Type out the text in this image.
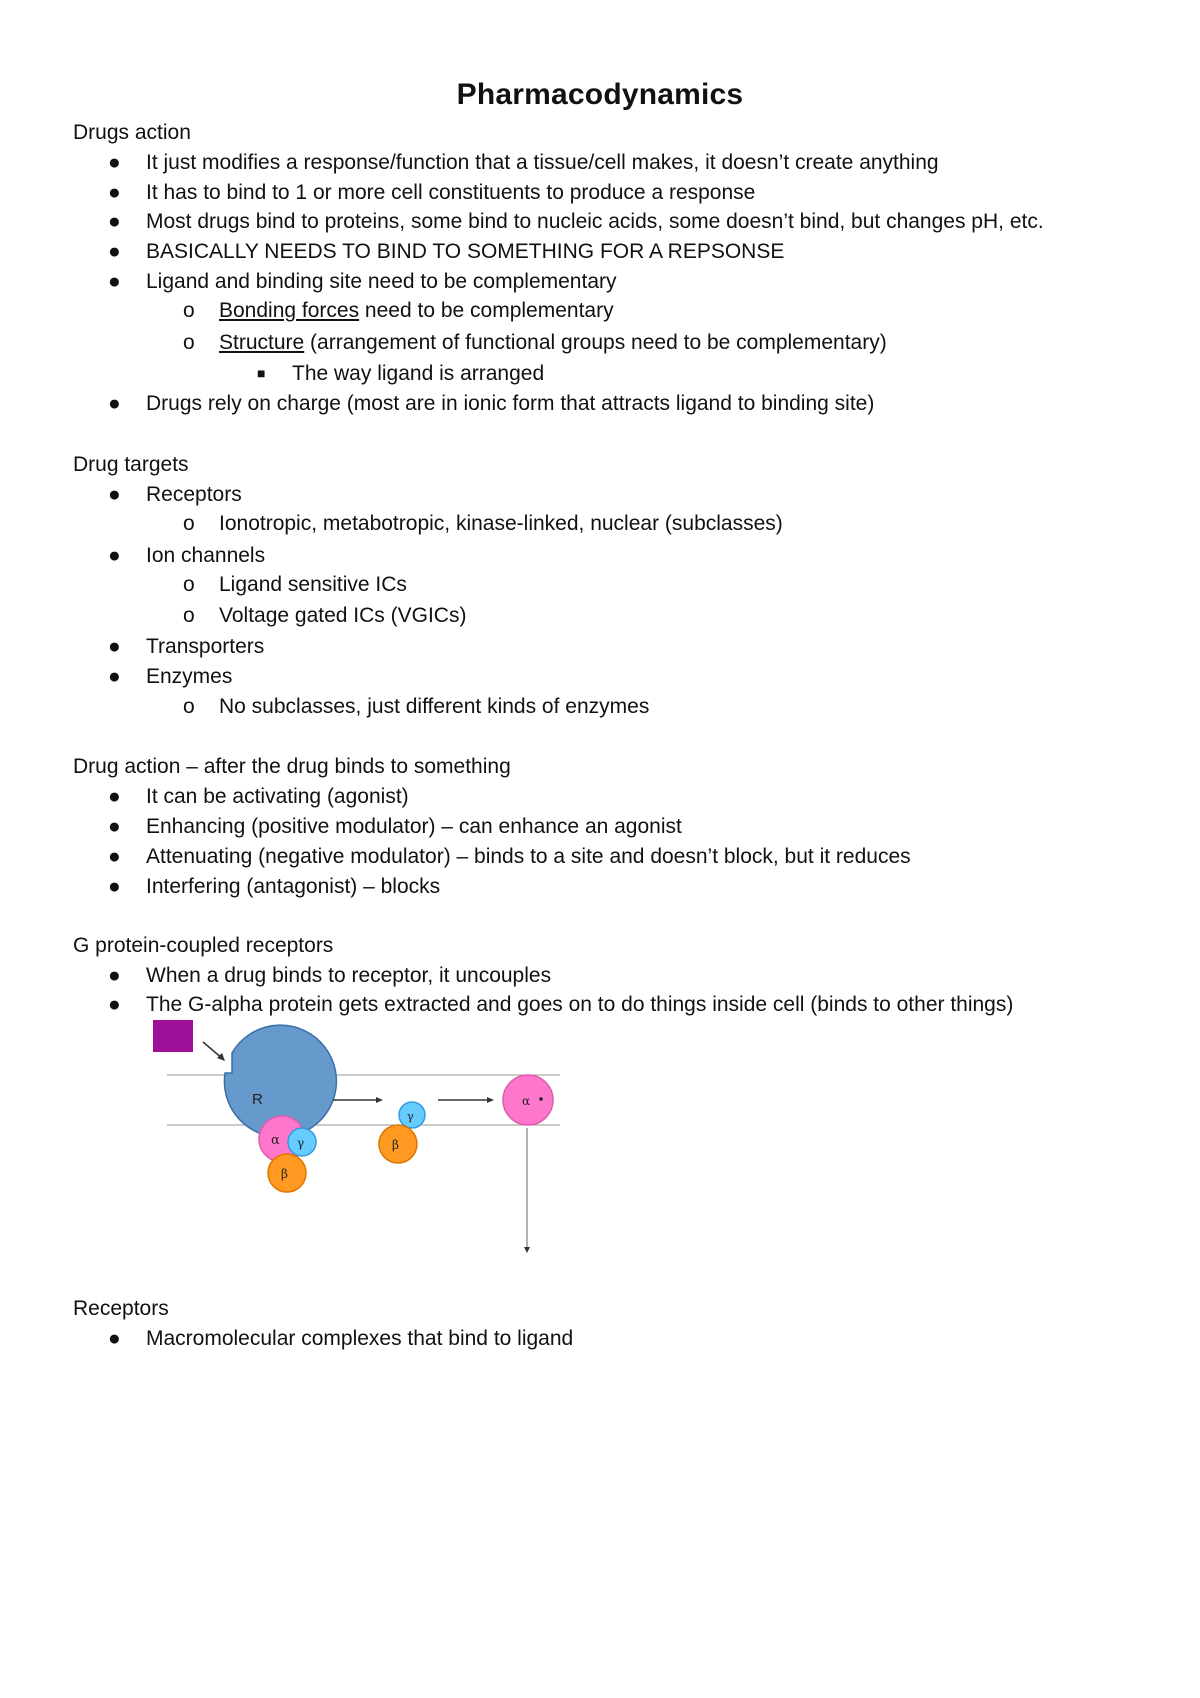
Pharmacodynamics
Drugs action
● It just modifies a response/function that a tissue/cell makes, it doesn’t create anything
● It has to bind to 1 or more cell constituents to produce a response
● Most drugs bind to proteins, some bind to nucleic acids, some doesn’t bind, but changes pH, etc.
● BASICALLY NEEDS TO BIND TO SOMETHING FOR A REPSONSE
● Ligand and binding site need to be complementary
o Bonding forces need to be complementary
o Structure (arrangement of functional groups need to be complementary)
■ The way ligand is arranged
● Drugs rely on charge (most are in ionic form that attracts ligand to binding site)
Drug targets
● Receptors
o Ionotropic, metabotropic, kinase-linked, nuclear (subclasses)
● Ion channels
o Ligand sensitive ICs
o Voltage gated ICs (VGICs)
● Transporters
● Enzymes
o No subclasses, just different kinds of enzymes
Drug action – after the drug binds to something
● It can be activating (agonist)
● Enhancing (positive modulator) – can enhance an agonist
● Attenuating (negative modulator) – binds to a site and doesn’t block, but it reduces
● Interfering (antagonist) – blocks
G protein-coupled receptors
● When a drug binds to receptor, it uncouples
● The G-alpha protein gets extracted and goes on to do things inside cell (binds to other things)
R
α γ
β
γ
β
α
Receptors
● Macromolecular complexes that bind to ligand
